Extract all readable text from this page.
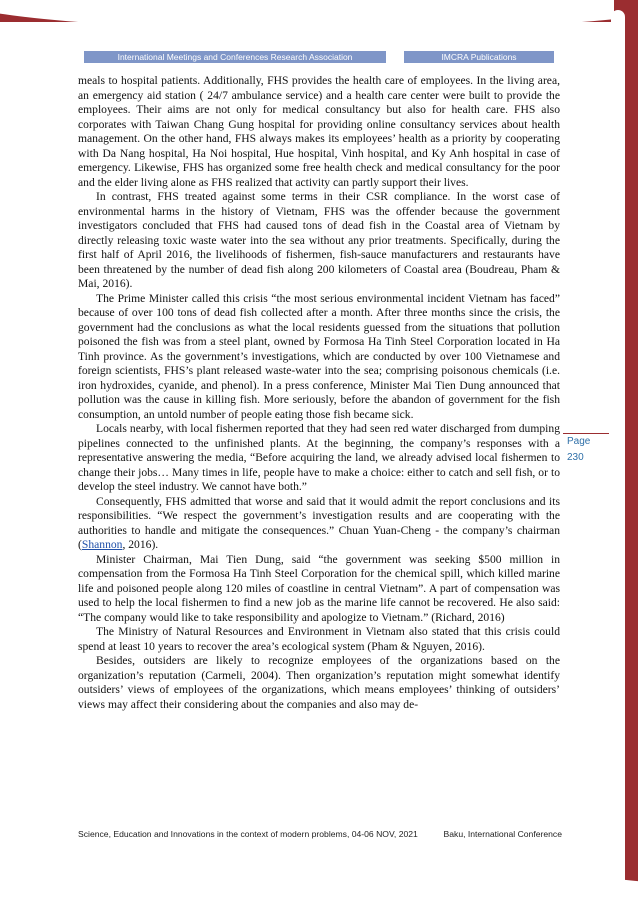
International Meetings and Conferences Research Association	IMCRA Publications

meals to hospital patients. Additionally, FHS provides the health care of employees. In the living area, an emergency aid station ( 24/7 ambulance service) and a health care center were built to provide the employees. Their aims are not only for medical consultancy but also for health care. FHS also corporates with Taiwan Chang Gung hospital for providing online consultancy services about health management. On the other hand, FHS always makes its employees’ health as a priority by cooperating with Da Nang hospital, Ha Noi hospital, Hue hospital, Vinh hospital, and Ky Anh hospital in case of emergency. Likewise, FHS has organized some free health check and medical consultancy for the poor and the elder living alone as FHS realized that activity can partly support their lives.

In contrast, FHS treated against some terms in their CSR compliance. In the worst case of environmental harms in the history of Vietnam, FHS was the offender because the government investigators concluded that FHS had caused tons of dead fish in the Coastal area of Vietnam by directly releasing toxic waste water into the sea without any prior treatments. Specifically, during the first half of April 2016, the livelihoods of fishermen, fish-sauce manufacturers and restaurants have been threatened by the number of dead fish along 200 kilometers of Coastal area (Boudreau, Pham & Mai, 2016).

The Prime Minister called this crisis “the most serious environmental incident Vietnam has faced” because of over 100 tons of dead fish collected after a month. After three months since the crisis, the government had the conclusions as what the local residents guessed from the situations that pollution poisoned the fish was from a steel plant, owned by Formosa Ha Tinh Steel Corporation located in Ha Tinh province. As the government’s investigations, which are conducted by over 100 Vietnamese and foreign scientists, FHS’s plant released waste-water into the sea; comprising poisonous chemicals (i.e. iron hydroxides, cyanide, and phenol). In a press conference, Minister Mai Tien Dung announced that pollution was the cause in killing fish. More seriously, before the abandon of government for the fish consumption, an untold number of people eating those fish became sick.

Locals nearby, with local fishermen reported that they had seen red water discharged from dumping pipelines connected to the unfinished plants. At the beginning, the company’s responses with a representative answering the media, “Before acquiring the land, we already advised local fishermen to change their jobs… Many times in life, people have to make a choice: either to catch and sell fish, or to develop the steel industry. We cannot have both.”

Consequently, FHS admitted that worse and said that it would admit the report conclusions and its responsibilities. “We respect the government’s investigation results and are cooperating with the authorities to handle and mitigate the consequences.” Chuan Yuan-Cheng - the company’s chairman (Shannon, 2016).

Minister Chairman, Mai Tien Dung, said “the government was seeking $500 million in compensation from the Formosa Ha Tinh Steel Corporation for the chemical spill, which killed marine life and poisoned people along 120 miles of coastline in central Vietnam”. A part of compensation was used to help the local fishermen to find a new job as the marine life cannot be recovered. He also said: “The company would like to take responsibility and apologize to Vietnam.” (Richard, 2016)

The Ministry of Natural Resources and Environment in Vietnam also stated that this crisis could spend at least 10 years to recover the area’s ecological system (Pham & Nguyen, 2016).

Besides, outsiders are likely to recognize employees of the organizations based on the organization’s reputation (Carmeli, 2004). Then organization’s reputation might somewhat identify outsiders’ views of employees of the organizations, which means employees’ thinking of outsiders’ views may affect their considering about the companies and also may de-

Page 230
Science, Education and Innovations in the context of modern problems, 04-06 NOV, 2021	Baku, International Conference
